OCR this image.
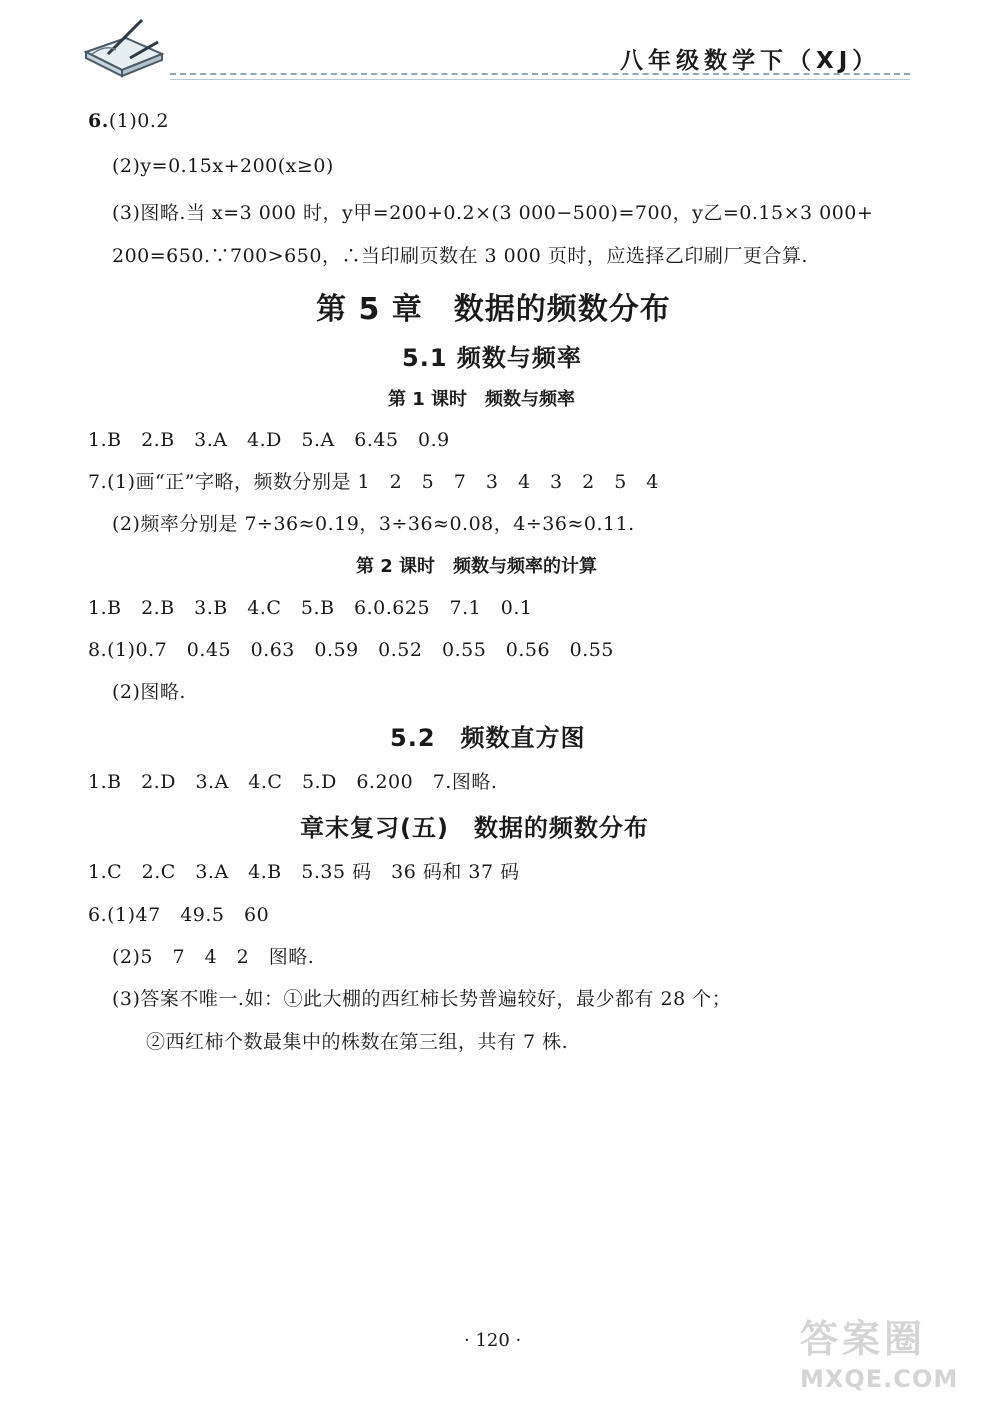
八年级数学下（XJ）
6.(1)0.2
(2)y=0.15x+200(x≥0)
(3)图略.当 x=3 000 时，y甲=200+0.2×(3 000−500)=700，y乙=0.15×3 000+
200=650.∵700>650，∴当印刷页数在 3 000 页时，应选择乙印刷厂更合算.
第 5 章　数据的频数分布
5.1 频数与频率
第 1 课时　频数与频率
1.B　2.B　3.A　4.D　5.A　6.45　0.9
7.(1)画“正”字略，频数分别是 1　2　5　7　3　4　3　2　5　4
(2)频率分别是 7÷36≈0.19，3÷36≈0.08，4÷36≈0.11.
第 2 课时　频数与频率的计算
1.B　2.B　3.B　4.C　5.B　6.0.625　7.1　0.1
8.(1)0.7　0.45　0.63　0.59　0.52　0.55　0.56　0.55
(2)图略.
5.2　频数直方图
1.B　2.D　3.A　4.C　5.D　6.200　7.图略.
章末复习(五)　数据的频数分布
1.C　2.C　3.A　4.B　5.35 码　36 码和 37 码
6.(1)47　49.5　60
(2)5　7　4　2　图略.
(3)答案不唯一.如：①此大棚的西红柿长势普遍较好，最少都有 28 个；
②西红柿个数最集中的株数在第三组，共有 7 株.
· 120 ·	答案圈
MXQE.COM
